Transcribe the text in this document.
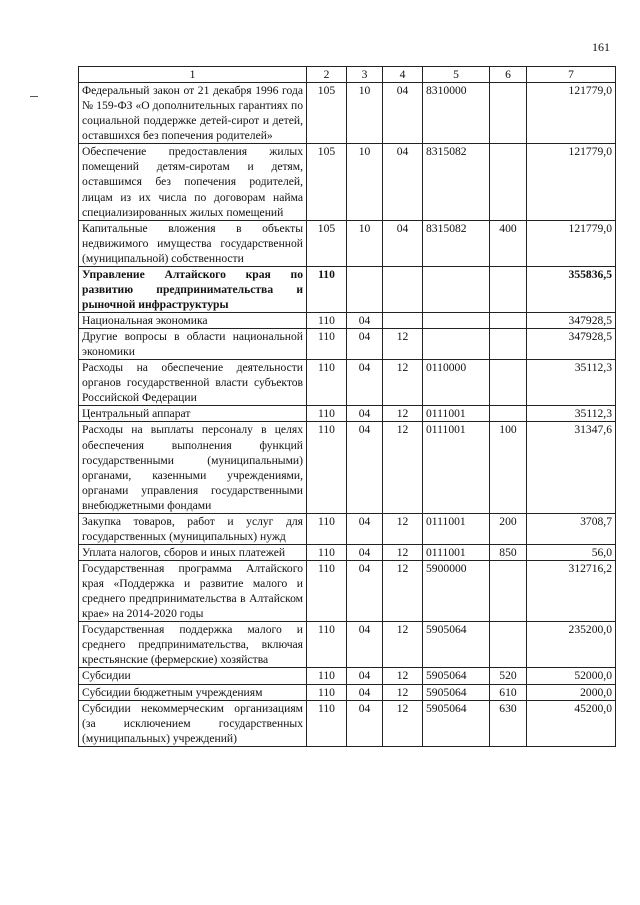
161
1	2	3	4	5	6	7
Федеральный закон от 21 декабря 1996 года № 159-ФЗ «О дополнительных гарантиях по социальной поддержке детей-сирот и детей, оставшихся без попечения родителей»	105	10	04	8310000		121779,0
Обеспечение предоставления жилых помещений детям-сиротам и детям, оставшимся без попечения родителей, лицам из их числа по договорам найма специализированных жилых помещений	105	10	04	8315082		121779,0
Капитальные вложения в объекты недвижимого имущества государственной (муниципальной) собственности	105	10	04	8315082	400	121779,0
Управление Алтайского края по развитию предпринимательства и рыночной инфраструктуры	110					355836,5
Национальная экономика	110	04				347928,5
Другие вопросы в области национальной экономики	110	04	12			347928,5
Расходы на обеспечение деятельности органов государственной власти субъектов Российской Федерации	110	04	12	0110000		35112,3
Центральный аппарат	110	04	12	0111001		35112,3
Расходы на выплаты персоналу в целях обеспечения выполнения функций государственными (муниципальными) органами, казенными учреждениями, органами управления государственными внебюджетными фондами	110	04	12	0111001	100	31347,6
Закупка товаров, работ и услуг для государственных (муниципальных) нужд	110	04	12	0111001	200	3708,7
Уплата налогов, сборов и иных платежей	110	04	12	0111001	850	56,0
Государственная программа Алтайского края «Поддержка и развитие малого и среднего предпринимательства в Алтайском крае» на 2014-2020 годы	110	04	12	5900000		312716,2
Государственная поддержка малого и среднего предпринимательства, включая крестьянские (фермерские) хозяйства	110	04	12	5905064		235200,0
Субсидии	110	04	12	5905064	520	52000,0
Субсидии бюджетным учреждениям	110	04	12	5905064	610	2000,0
Субсидии некоммерческим организациям (за исключением государственных (муниципальных) учреждений)	110	04	12	5905064	630	45200,0
